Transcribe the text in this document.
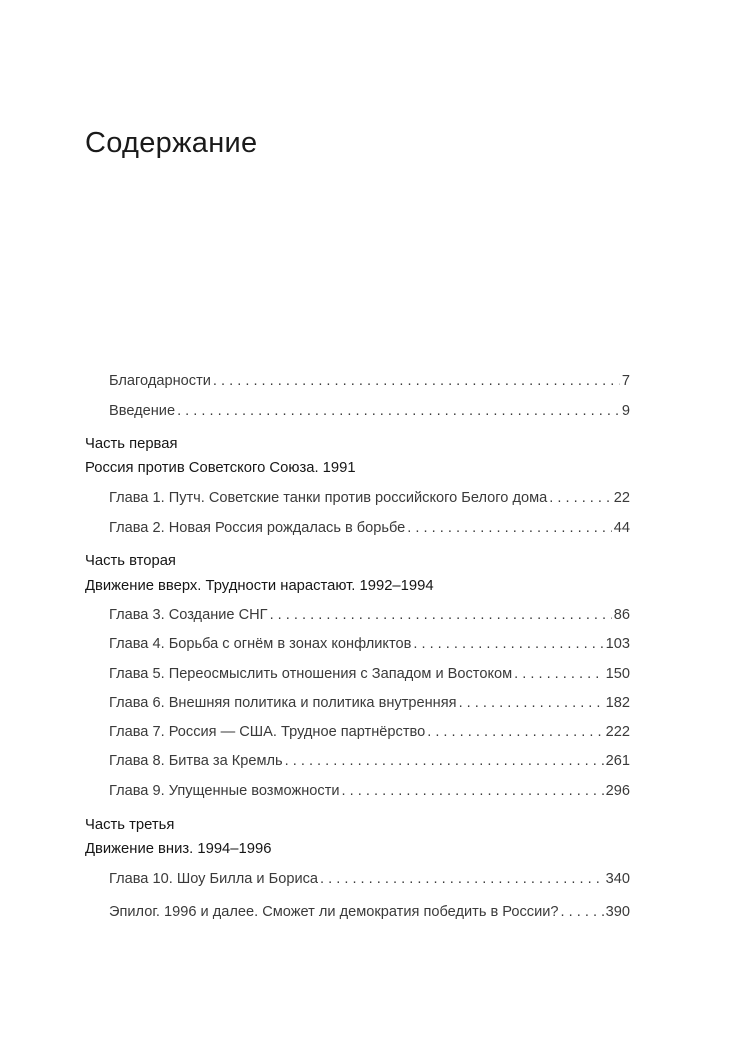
Содержание
Благодарности . . .	7
Введение . . .	9
Часть первая
Россия против Советского Союза. 1991
Глава 1. Путч. Советские танки против российского Белого дома . . .	22
Глава 2. Новая Россия рождалась в борьбе . . .	44
Часть вторая
Движение вверх. Трудности нарастают. 1992–1994
Глава 3. Создание СНГ . . .	86
Глава 4. Борьба с огнём в зонах конфликтов . . .	103
Глава 5. Переосмыслить отношения с Западом и Востоком . . .	150
Глава 6. Внешняя политика и политика внутренняя . . .	182
Глава 7. Россия — США. Трудное партнёрство . . .	222
Глава 8. Битва за Кремль . . .	261
Глава 9. Упущенные возможности . . .	296
Часть третья
Движение вниз. 1994–1996
Глава 10. Шоу Билла и Бориса . . .	340
Эпилог. 1996 и далее. Сможет ли демократия победить в России? . . .	390
